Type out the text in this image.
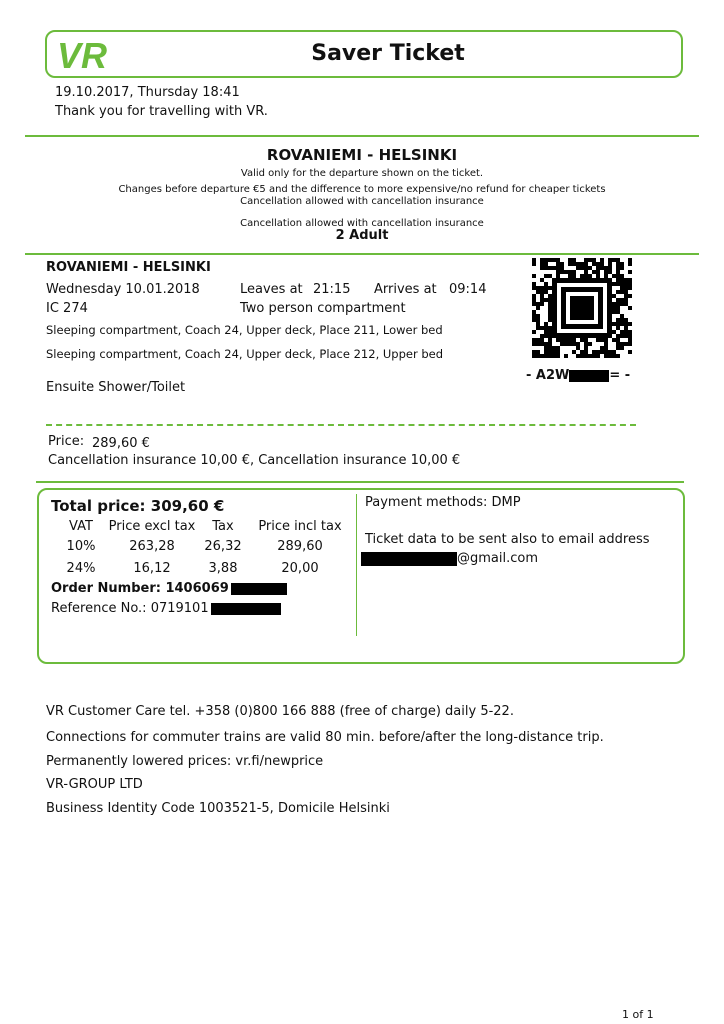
VR	Saver Ticket
19.10.2017, Thursday 18:41
Thank you for travelling with VR.
ROVANIEMI - HELSINKI
Valid only for the departure shown on the ticket.
Changes before departure €5 and the difference to more expensive/no refund for cheaper tickets
Cancellation allowed with cancellation insurance
Cancellation allowed with cancellation insurance
2 Adult
ROVANIEMI - HELSINKI
Wednesday 10.01.2018	Leaves at 21:15 Arrives at 09:14
IC 274	Two person compartment
Sleeping compartment, Coach 24, Upper deck, Place 211, Lower bed
Sleeping compartment, Coach 24, Upper deck, Place 212, Upper bed
Ensuite Shower/Toilet
- A2W	= -
Price: 289,60 €
Cancellation insurance 10,00 €, Cancellation insurance 10,00 €
Total price: 309,60 €
VAT	Price excl tax	Tax	Price incl tax
10%	263,28	26,32	289,60
24%	16,12	3,88	20,00
Order Number: 1406069
Reference No.: 0719101
Payment methods: DMP
Ticket data to be sent also to email address
@gmail.com
VR Customer Care tel. +358 (0)800 166 888 (free of charge) daily 5-22.
Connections for commuter trains are valid 80 min. before/after the long-distance trip.
Permanently lowered prices: vr.fi/newprice
VR-GROUP LTD
Business Identity Code 1003521-5, Domicile Helsinki
1 of 1
